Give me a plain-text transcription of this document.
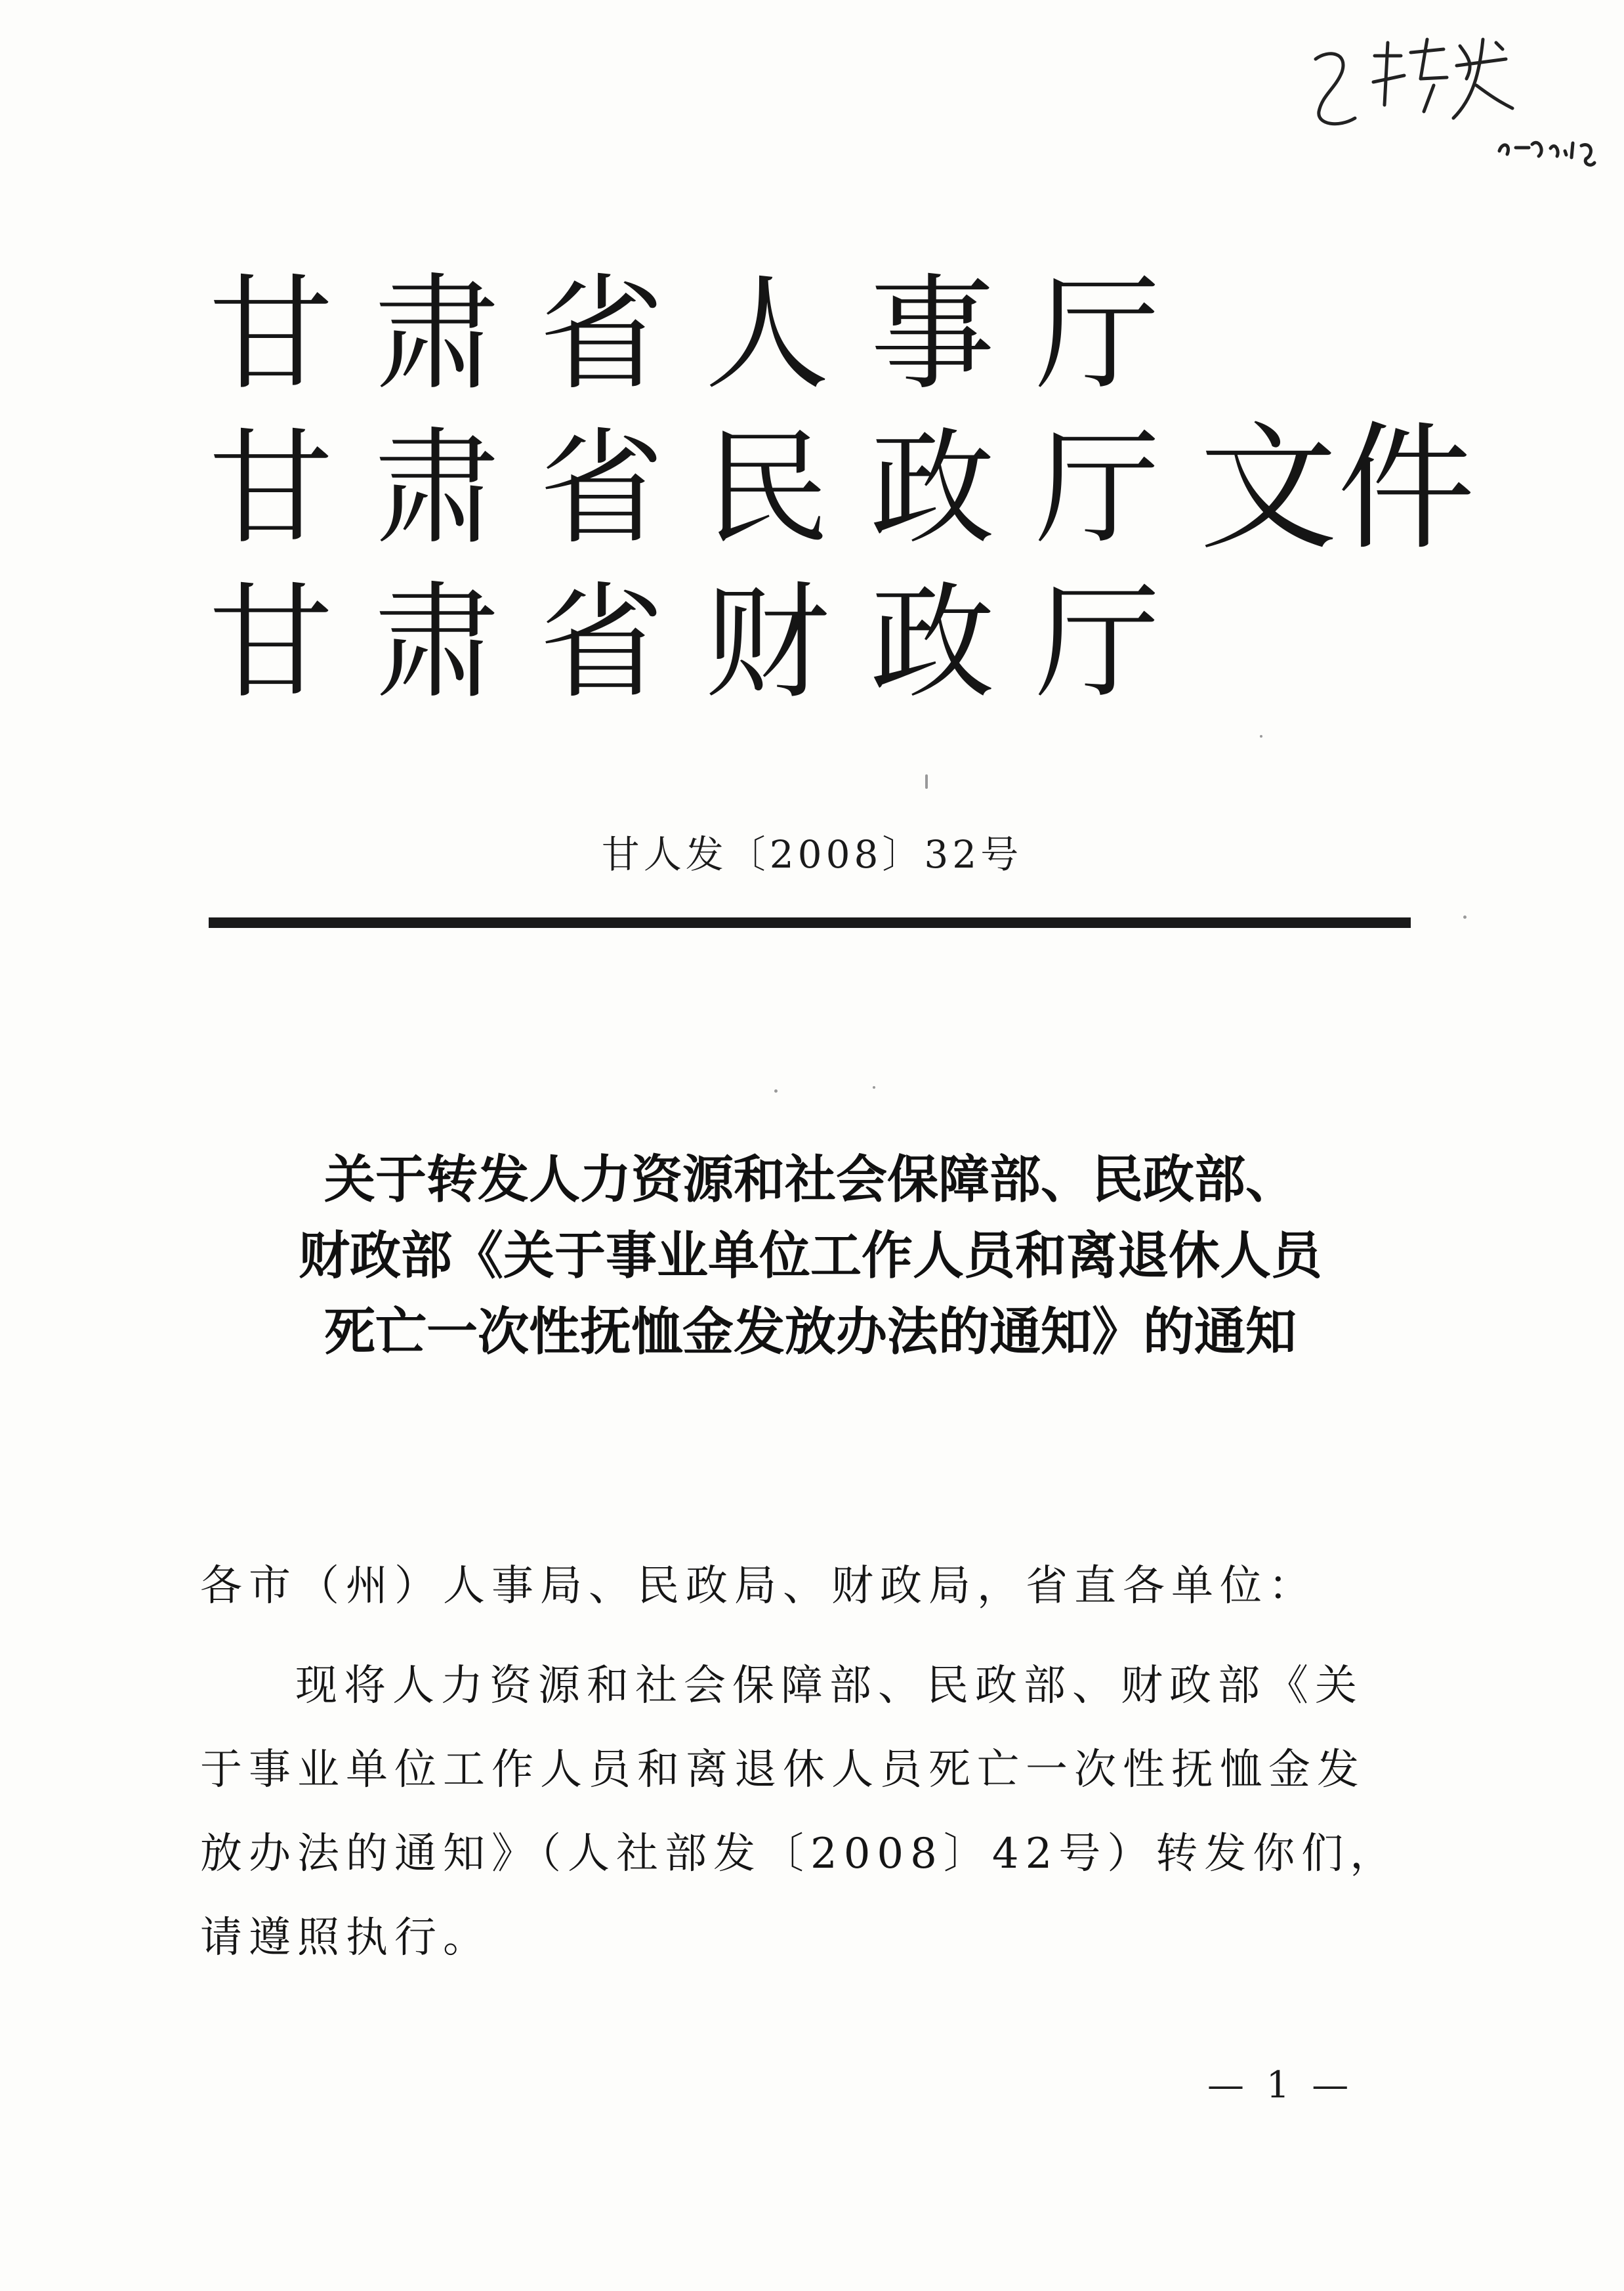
甘肃省人事厅
甘肃省民政厅
甘肃省财政厅
文件
甘人发〔2008〕32号
关于转发人力资源和社会保障部、民政部、
财政部《关于事业单位工作人员和离退休人员
死亡一次性抚恤金发放办法的通知》的通知
各市（州）人事局、民政局、财政局，省直各单位：
现将人力资源和社会保障部、民政部、财政部《关
于事业单位工作人员和离退休人员死亡一次性抚恤金发
放办法的通知》（人社部发〔2008〕42号）转发你们，
请遵照执行。
— 1 —
